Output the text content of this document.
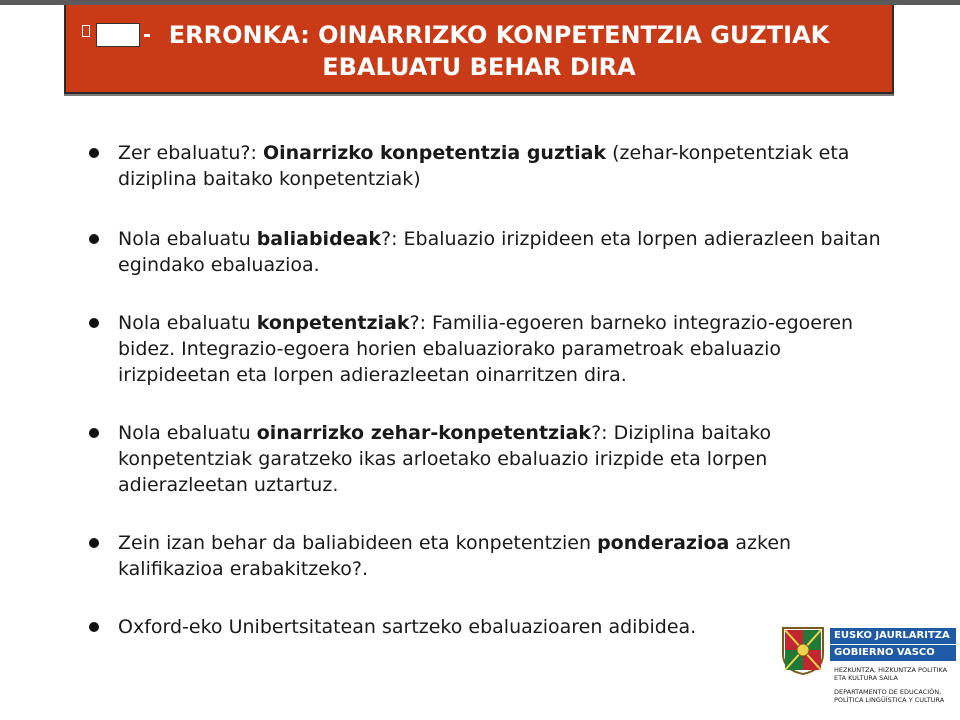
ERRONKA: OINARRIZKO KONPETENTZIA GUZTIAK
EBALUATU BEHAR DIRA
Zer ebaluatu?: Oinarrizko konpetentzia guztiak (zehar-konpetentziak eta diziplina baitako konpetentziak)
Nola ebaluatu baliabideak?: Ebaluazio irizpideen eta lorpen adierazleen baitan egindako ebaluazioa.
Nola ebaluatu konpetentziak?: Familia-egoeren barneko integrazio-egoeren bidez. Integrazio-egoera horien ebaluaziorako parametroak ebaluazio irizpideetan eta lorpen adierazleetan oinarritzen dira.
Nola ebaluatu oinarrizko zehar-konpetentziak?: Diziplina baitako konpetentziak garatzeko ikas arloetako ebaluazio irizpide eta lorpen adierazleetan uztartuz.
Zein izan behar da baliabideen eta konpetentzien ponderazioa azken kalifikazioa erabakitzeko?.
Oxford-eko Unibertsitatean sartzeko ebaluazioaren adibidea.	EUSKO JAURLARITZA
GOBIERNO VASCO
HEZKUNTZA, HIZKUNTZA POLITIKA ETA KULTURA SAILA
DEPARTAMENTO DE EDUCACIÓN, POLÍTICA LINGÜÍSTICA Y CULTURA
